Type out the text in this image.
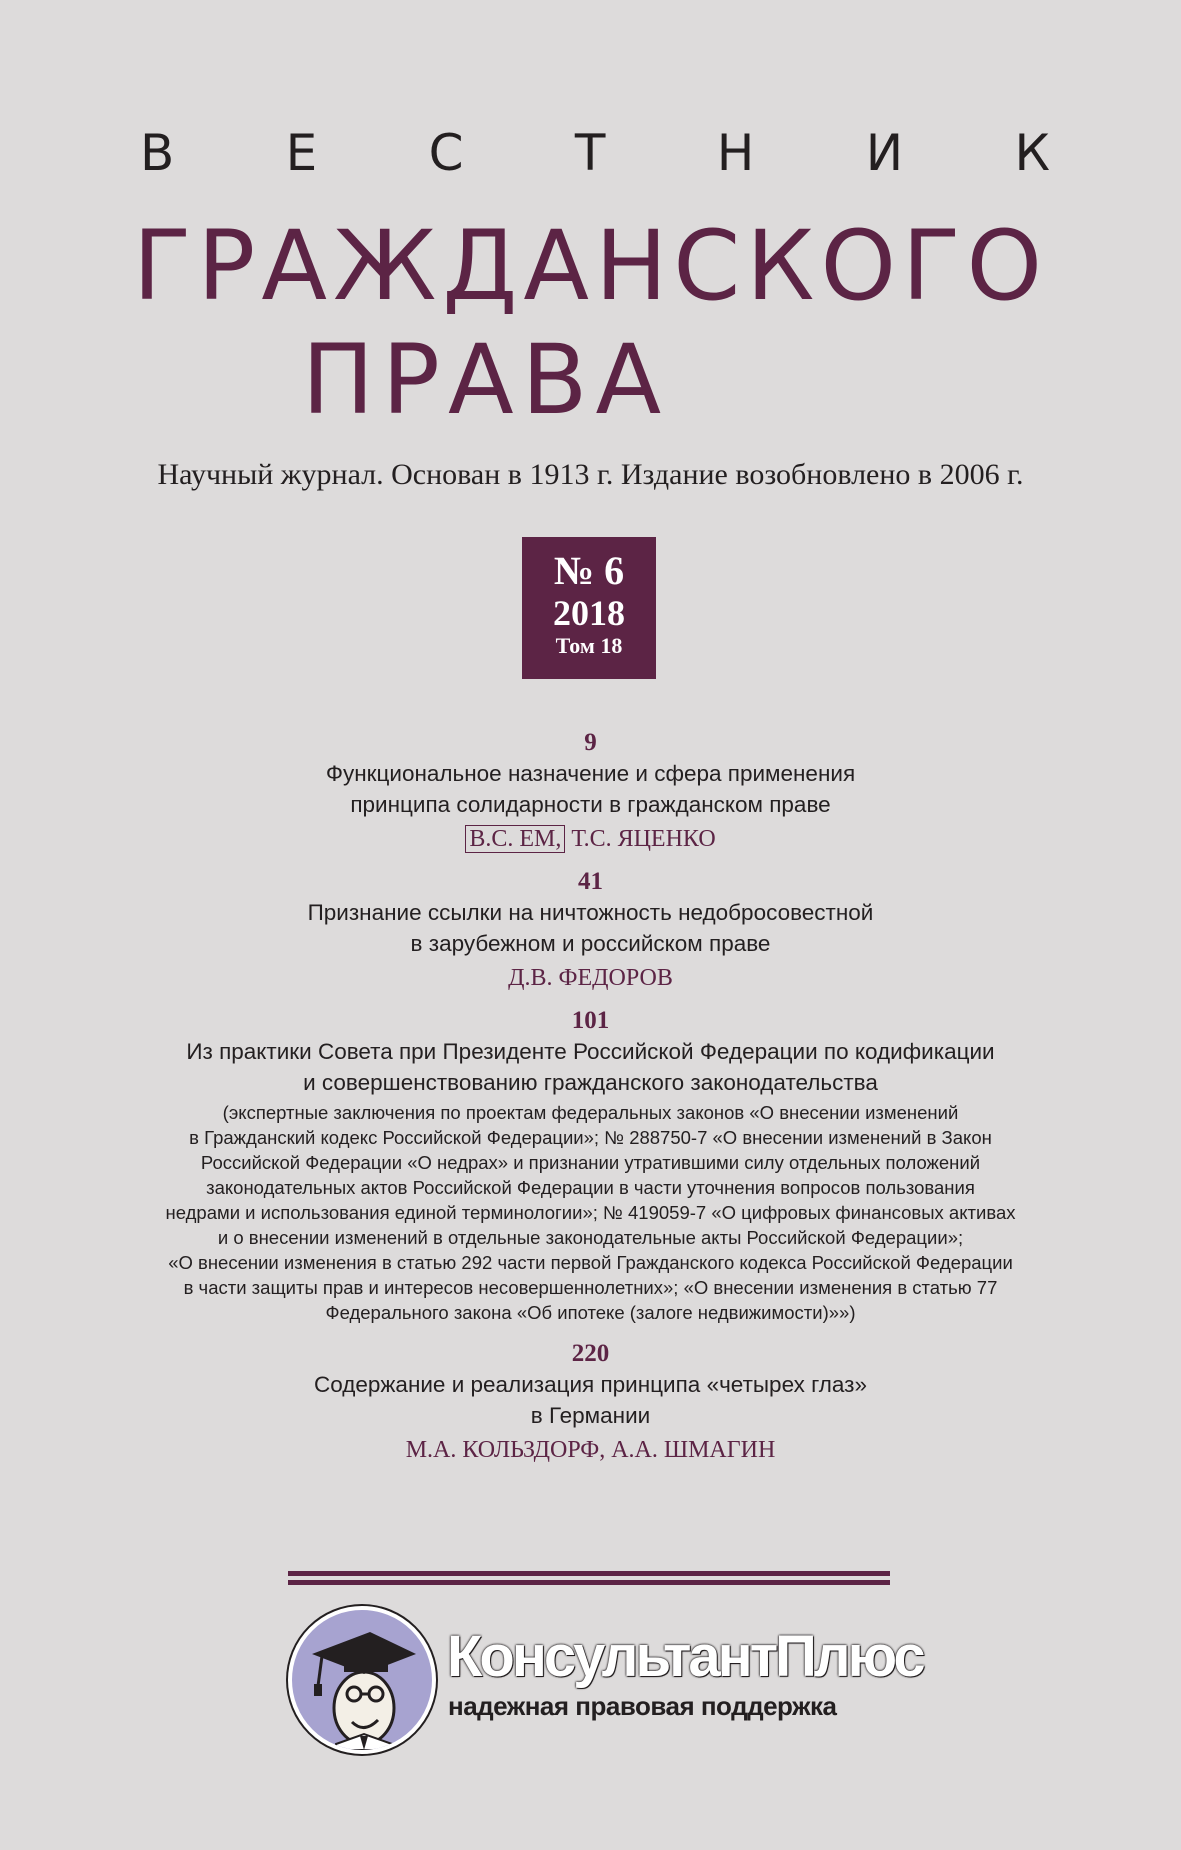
В Е С Т Н И К
ГРАЖДАНСКОГО
ПРАВА
Научный журнал. Основан в 1913 г. Издание возобновлено в 2006 г.
№ 6
2018
Том 18
9
Функциональное назначение и сфера применения
принципа солидарности в гражданском праве
В.С. ЕМ, Т.С. ЯЦЕНКО
41
Признание ссылки на ничтожность недобросовестной
в зарубежном и российском праве
Д.В. ФЕДОРОВ
101
Из практики Совета при Президенте Российской Федерации по кодификации
и совершенствованию гражданского законодательства
(экспертные заключения по проектам федеральных законов «О внесении изменений
в Гражданский кодекс Российской Федерации»; № 288750-7 «О внесении изменений в Закон
Российской Федерации «О недрах» и признании утратившими силу отдельных положений
законодательных актов Российской Федерации в части уточнения вопросов пользования
недрами и использования единой терминологии»; № 419059-7 «О цифровых финансовых активах
и о внесении изменений в отдельные законодательные акты Российской Федерации»;
«О внесении изменения в статью 292 части первой Гражданского кодекса Российской Федерации
в части защиты прав и интересов несовершеннолетних»; «О внесении изменения в статью 77
Федерального закона «Об ипотеке (залоге недвижимости)»»)
220
Содержание и реализация принципа «четырех глаз»
в Германии
М.А. КОЛЬЗДОРФ, А.А. ШМАГИН
КонсультантПлюс
надежная правовая поддержка
